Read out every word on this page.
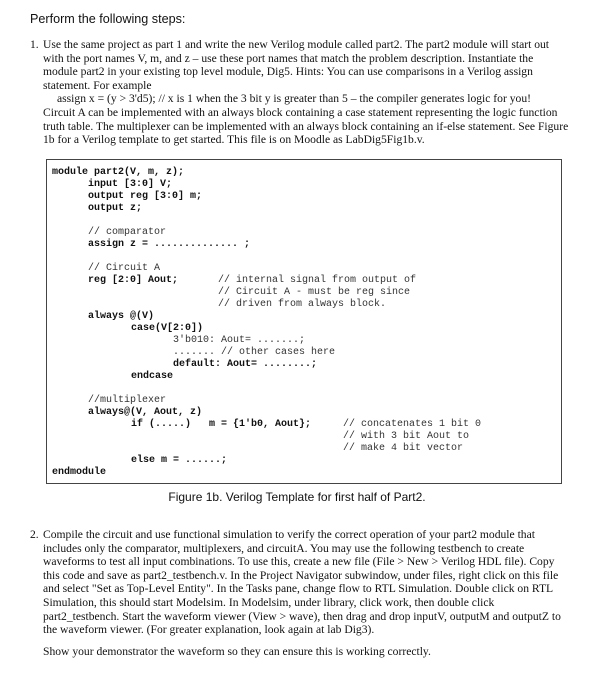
Perform the following steps:
1. Use the same project as part 1 and write the new Verilog module called part2. The part2 module will start out with the port names V, m, and z – use these port names that match the problem description. Instantiate the module part2 in your existing top level module, Dig5. Hints: You can use comparisons in a Verilog assign statement. For example

assign x = (y > 3'd5); // x is 1 when the 3 bit y is greater than 5 – the compiler generates logic for you!

Circuit A can be implemented with an always block containing a case statement representing the logic function truth table. The multiplexer can be implemented with an always block containing an if-else statement. See Figure 1b for a Verilog template to get started. This file is on Moodle as LabDig5Fig1b.v.

module part2(V, m, z);
input [3:0] V;
output reg [3:0] m;
output z;
// comparator
assign z = .............. ;
// Circuit A
reg [2:0] Aout;	// internal signal from output of
// Circuit A - must be reg since
// driven from always block.
always @(V)
case(V[2:0])
3'b010: Aout= .......;
....... // other cases here
default: Aout= ........;
endcase
//multiplexer
always@(V, Aout, z)
if (.....)   m = {1'b0, Aout};	// concatenates 1 bit 0
// with 3 bit Aout to
// make 4 bit vector
else m = ......;
endmodule
Figure 1b. Verilog Template for first half of Part2.
2. Compile the circuit and use functional simulation to verify the correct operation of your part2 module that includes only the comparator, multiplexers, and circuitA. You may use the following testbench to create waveforms to test all input combinations. To use this, create a new file (File > New > Verilog HDL file). Copy this code and save as part2_testbench.v. In the Project Navigator subwindow, under files, right click on this file and select "Set as Top-Level Entity". In the Tasks pane, change flow to RTL Simulation. Double click on RTL Simulation, this should start Modelsim. In Modelsim, under library, click work, then double click part2_testbench. Start the waveform viewer (View > wave), then drag and drop inputV, outputM and outputZ to the waveform viewer. (For greater explanation, look again at lab Dig3).

Show your demonstrator the waveform so they can ensure this is working correctly.
